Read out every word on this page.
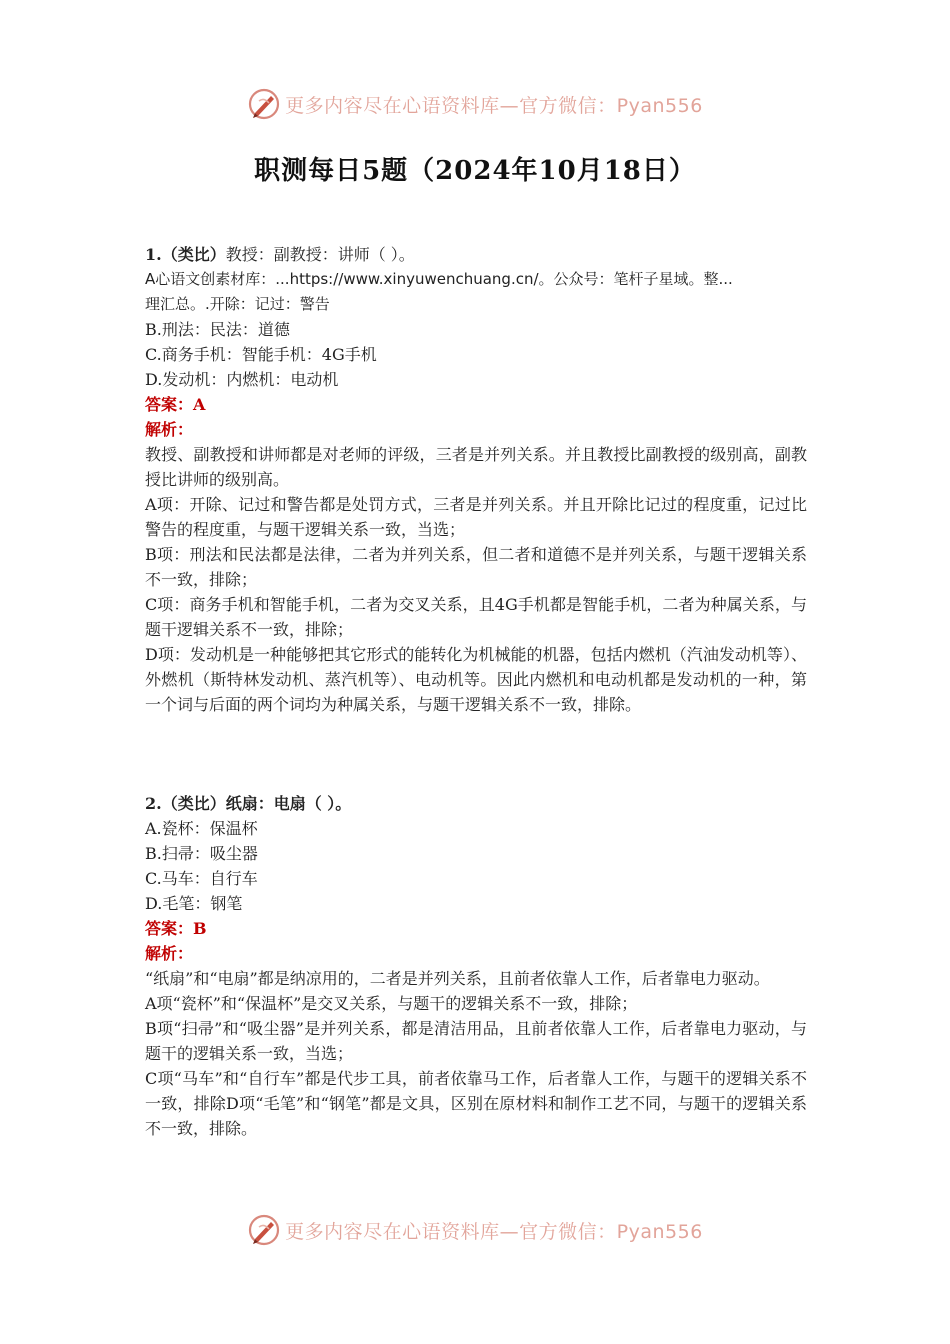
更多内容尽在心语资料库—官方微信：Pyan556
职测每日5题（2024年10月18日）

1.（类比）教授：副教授：讲师（ ）。

A心语文创素材库：...https://www.xinyuwenchuang.cn/。公众号：笔杆子星域。整...

理汇总。.开除：记过：警告

B.刑法：民法：道德

C.商务手机：智能手机：4G手机

D.发动机：内燃机：电动机

答案：A

解析：

教授、副教授和讲师都是对老师的评级，三者是并列关系。并且教授比副教授的级别高，副教授比讲师的级别高。

A项：开除、记过和警告都是处罚方式，三者是并列关系。并且开除比记过的程度重，记过比警告的程度重，与题干逻辑关系一致，当选；

B项：刑法和民法都是法律，二者为并列关系，但二者和道德不是并列关系，与题干逻辑关系不一致，排除；

C项：商务手机和智能手机，二者为交叉关系，且4G手机都是智能手机，二者为种属关系，与题干逻辑关系不一致，排除；

D项：发动机是一种能够把其它形式的能转化为机械能的机器，包括内燃机（汽油发动机等）、外燃机（斯特林发动机、蒸汽机等）、电动机等。因此内燃机和电动机都是发动机的一种，第一个词与后面的两个词均为种属关系，与题干逻辑关系不一致，排除。

2.（类比）纸扇：电扇（ ）。

A.瓷杯：保温杯

B.扫帚：吸尘器

C.马车：自行车

D.毛笔：钢笔

答案：B

解析：

“纸扇”和“电扇”都是纳凉用的，二者是并列关系，且前者依靠人工作，后者靠电力驱动。

A项“瓷杯”和“保温杯”是交叉关系，与题干的逻辑关系不一致，排除；

B项“扫帚”和“吸尘器”是并列关系，都是清洁用品，且前者依靠人工作，后者靠电力驱动，与题干的逻辑关系一致，当选；

C项“马车”和“自行车”都是代步工具，前者依靠马工作，后者靠人工作，与题干的逻辑关系不一致，排除D项“毛笔”和“钢笔”都是文具，区别在原材料和制作工艺不同，与题干的逻辑关系不一致，排除。

更多内容尽在心语资料库—官方微信：Pyan556
